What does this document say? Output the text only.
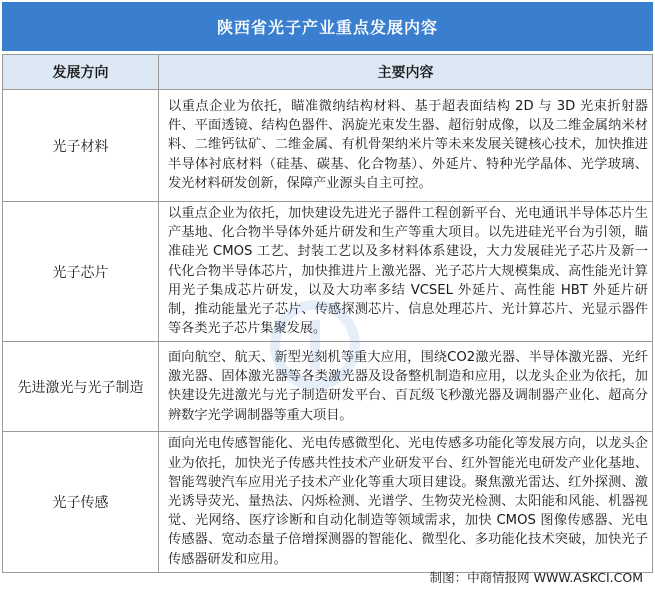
陕西省光子产业重点发展内容
发展方向	主要内容
光子材料	以重点企业为依托，瞄准微纳结构材料、基于超表面结构 2D 与 3D 光束折射器件、平面透镜、结构色器件、涡旋光束发生器、超衍射成像，以及二维金属纳米材料、二维钙钛矿、二维金属、有机骨架纳米片等未来发展关键核心技术，加快推进半导体衬底材料（硅基、碳基、化合物基）、外延片、特种光学晶体、光学玻璃、发光材料研发创新，保障产业源头自主可控。
光子芯片	以重点企业为依托，加快建设先进光子器件工程创新平台、光电通讯半导体芯片生产基地、化合物半导体外延片研发和生产等重大项目。以先进硅光平台为引领，瞄准硅光 CMOS 工艺、封装工艺以及多材料体系建设，大力发展硅光子芯片及新一代化合物半导体芯片，加快推进片上激光器、光子芯片大规模集成、高性能光计算用光子集成芯片研发，以及大功率多结 VCSEL 外延片、高性能 HBT 外延片研制，推动能量光子芯片、传感探测芯片、信息处理芯片、光计算芯片、光显示器件等各类光子芯片集聚发展。
先进激光与光子制造	面向航空、航天、新型光刻机等重大应用，围绕CO2激光器、半导体激光器、光纤激光器、固体激光器等各类激光器及设备整机制造和应用，以龙头企业为依托，加快建设先进激光与光子制造研发平台、百瓦级飞秒激光器及调制器产业化、超高分辨数字光学调制器等重大项目。
光子传感	面向光电传感智能化、光电传感微型化、光电传感多功能化等发展方向，以龙头企业为依托，加快光子传感共性技术产业研发平台、红外智能光电研发产业化基地、智能驾驶汽车应用光子技术产业化等重大项目建设。聚焦激光雷达、红外探测、激光诱导荧光、量热法、闪烁检测、光谱学、生物荧光检测、太阳能和风能、机器视觉、光网络、医疗诊断和自动化制造等领域需求，加快 CMOS 图像传感器、光电传感器、宽动态量子倍增探测器的智能化、微型化、多功能化技术突破，加快光子传感器研发和应用。
制图：中商情报网 WWW.ASKCI.COM
